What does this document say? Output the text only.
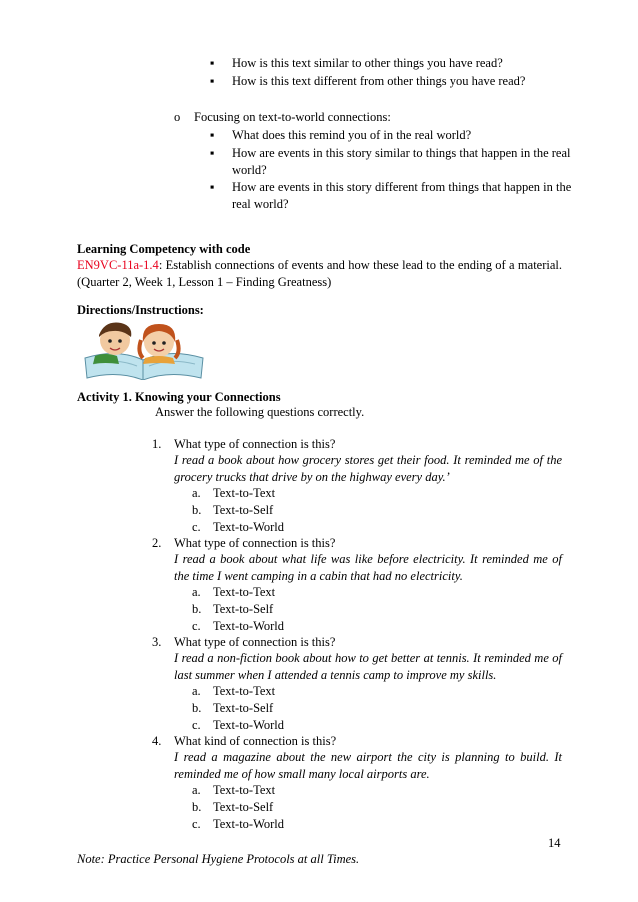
▪	How is this text similar to other things you have read?
▪	How is this text different from other things you have read?
o Focusing on text-to-world connections:
▪	What does this remind you of in the real world?
▪	How are events in this story similar to things that happen in the real world?
▪	How are events in this story different from things that happen in the real world?
Learning Competency with code
EN9VC-11a-1.4: Establish connections of events and how these lead to the ending of a material. (Quarter 2, Week 1, Lesson 1 – Finding Greatness)
Directions/Instructions:
Activity 1. Knowing your Connections
Answer the following questions correctly.
1. What type of connection is this?
I read a book about how grocery stores get their food. It reminded me of the grocery trucks that drive by on the highway every day.’
a. Text-to-Text
b. Text-to-Self
c. Text-to-World
2. What type of connection is this?
I read a book about what life was like before electricity. It reminded me of the time I went camping in a cabin that had no electricity.
a. Text-to-Text
b. Text-to-Self
c. Text-to-World
3. What type of connection is this?
I read a non-fiction book about how to get better at tennis. It reminded me of last summer when I attended a tennis camp to improve my skills.
a. Text-to-Text
b. Text-to-Self
c. Text-to-World
4. What kind of connection is this?
I read a magazine about the new airport the city is planning to build. It reminded me of how small many local airports are.
a. Text-to-Text
b. Text-to-Self
c. Text-to-World
14
Note: Practice Personal Hygiene Protocols at all Times.
